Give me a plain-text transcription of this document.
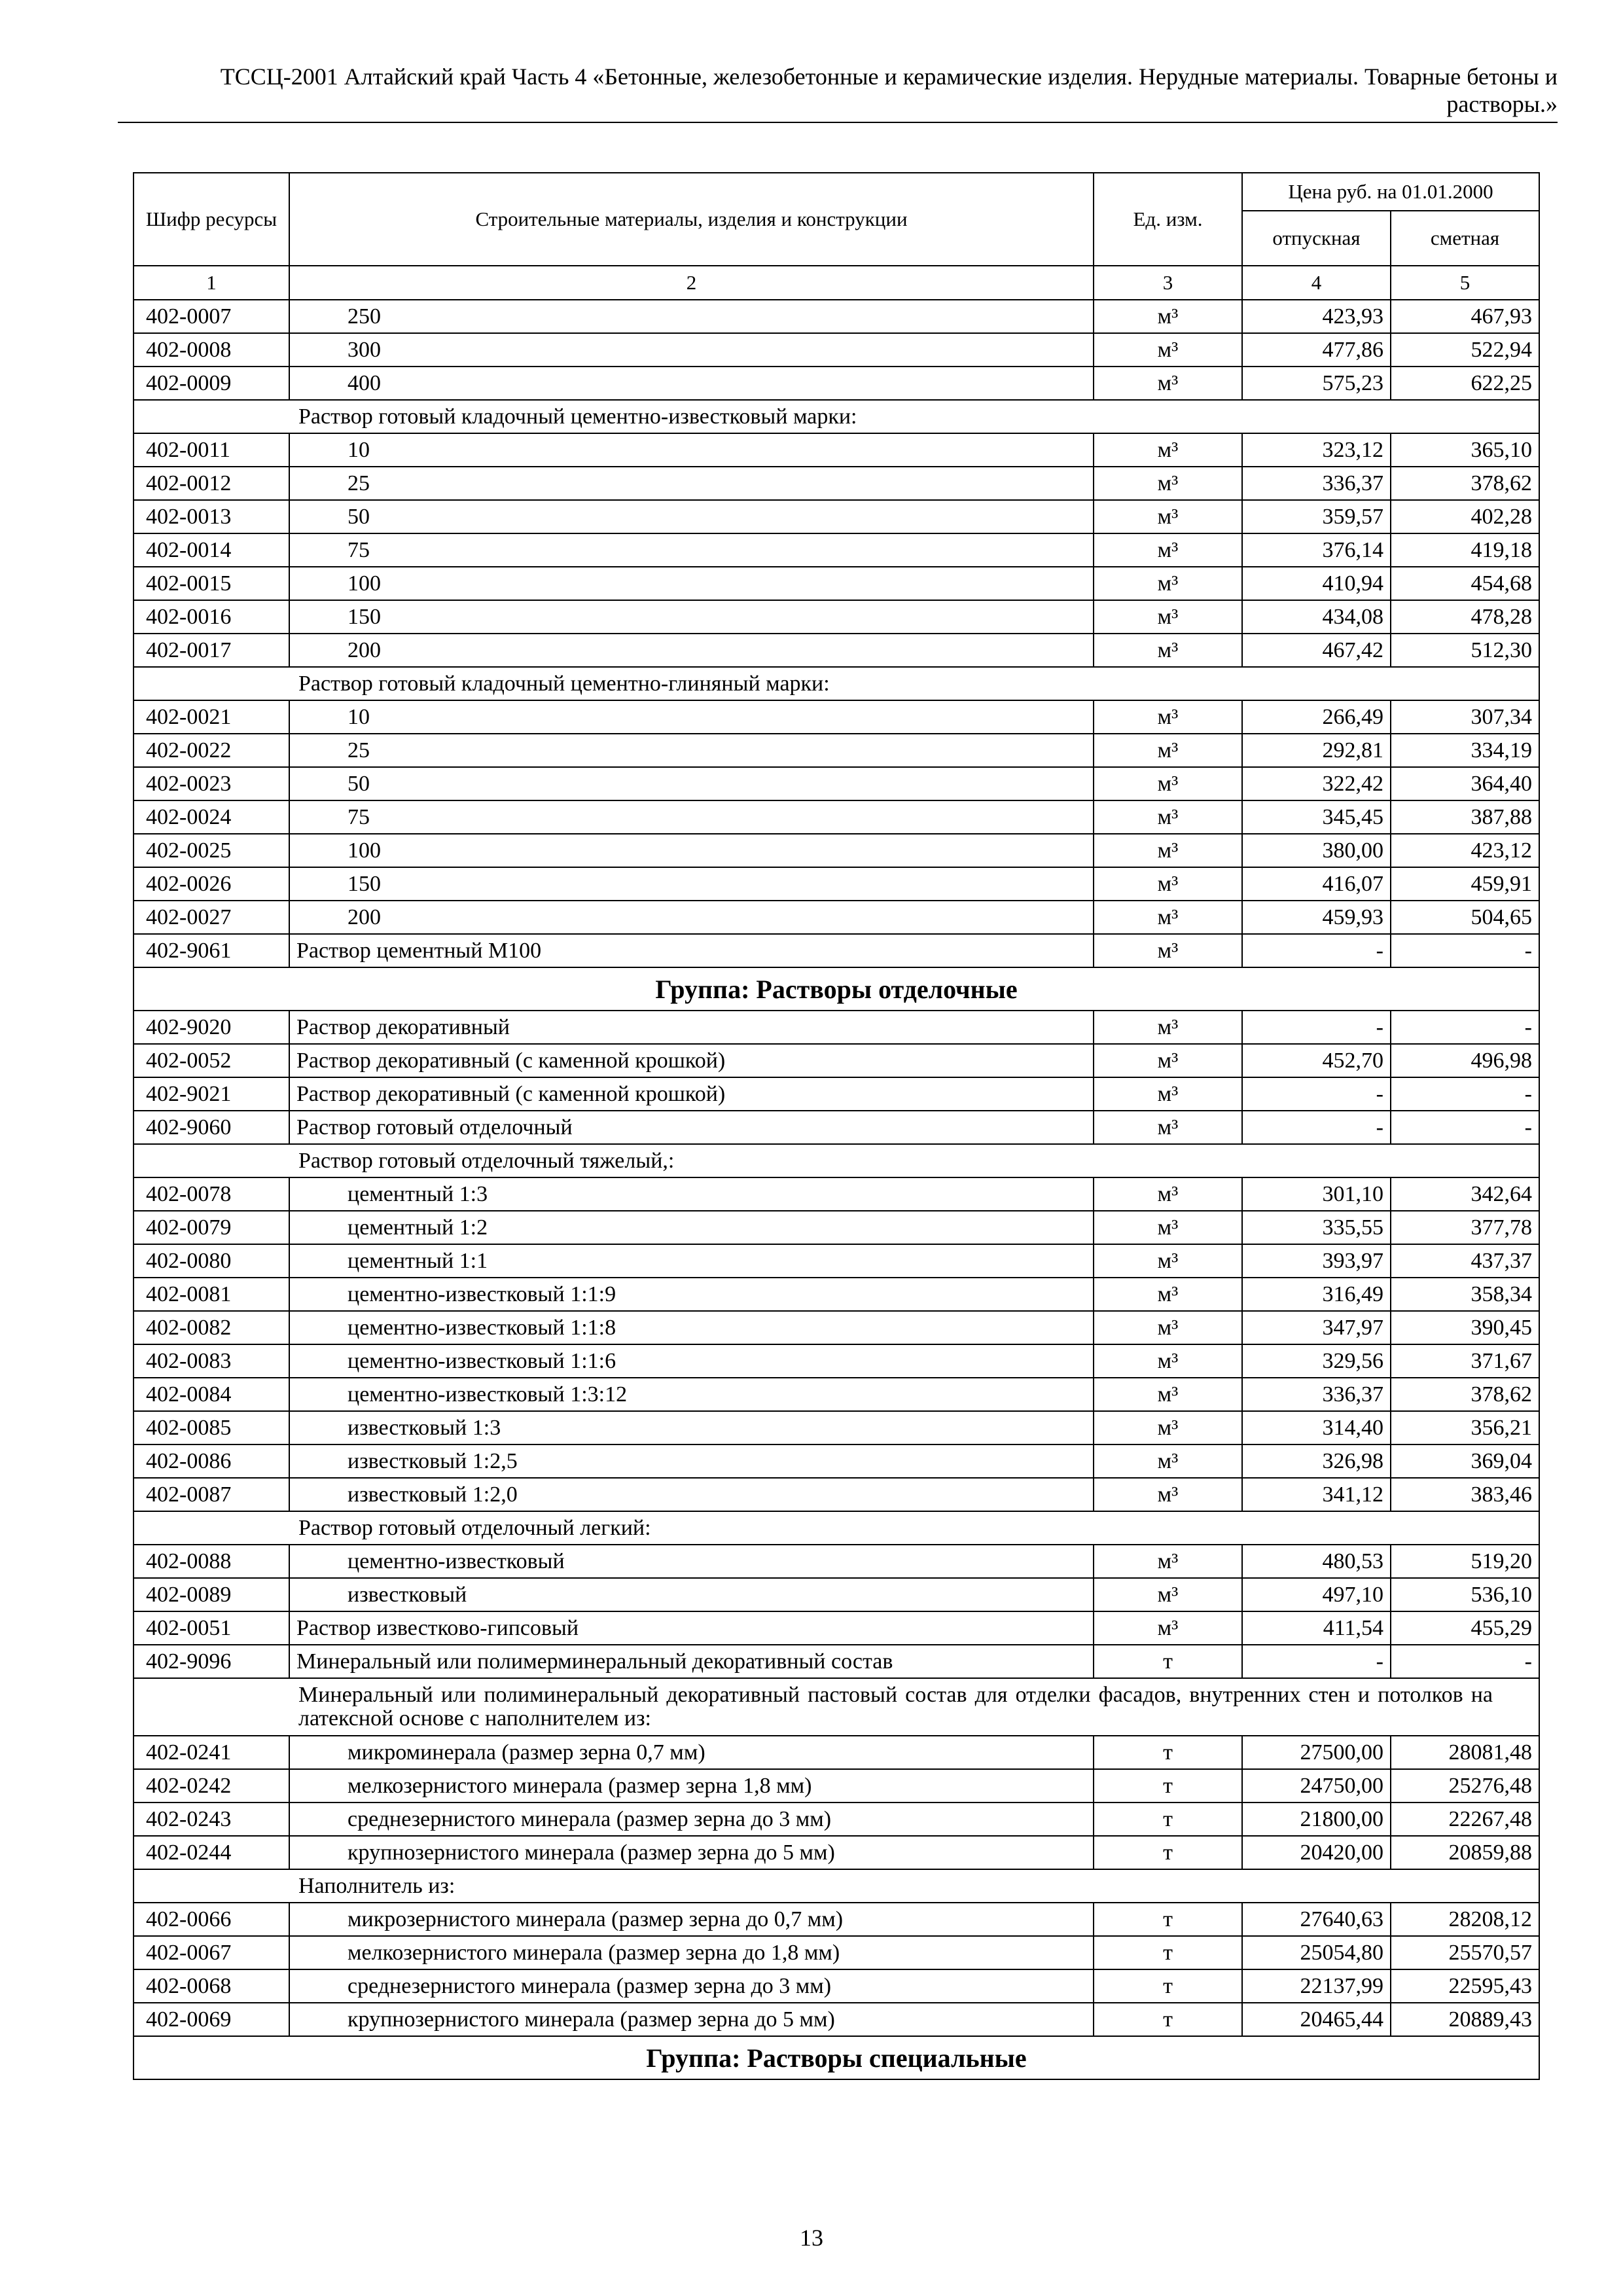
ТССЦ-2001 Алтайский край Часть 4 «Бетонные, железобетонные и керамические изделия. Нерудные материалы. Товарные бетоны и растворы.»
Шифр ресурсы	Строительные материалы, изделия и конструкции	Ед. изм.	Цена руб. на 01.01.2000	
			отпускная	сметная
1	2	3	4	5
402-0007	250	м³	423,93	467,93
402-0008	300	м³	477,86	522,94
402-0009	400	м³	575,23	622,25
Раствор готовый кладочный цементно-известковый марки:				
402-0011	10	м³	323,12	365,10
402-0012	25	м³	336,37	378,62
402-0013	50	м³	359,57	402,28
402-0014	75	м³	376,14	419,18
402-0015	100	м³	410,94	454,68
402-0016	150	м³	434,08	478,28
402-0017	200	м³	467,42	512,30
Раствор готовый кладочный цементно-глиняный марки:				
402-0021	10	м³	266,49	307,34
402-0022	25	м³	292,81	334,19
402-0023	50	м³	322,42	364,40
402-0024	75	м³	345,45	387,88
402-0025	100	м³	380,00	423,12
402-0026	150	м³	416,07	459,91
402-0027	200	м³	459,93	504,65
402-9061	Раствор цементный М100	м³	-	-
Группа: Растворы отделочные				
402-9020	Раствор декоративный	м³	-	-
402-0052	Раствор декоративный (с каменной крошкой)	м³	452,70	496,98
402-9021	Раствор декоративный (с каменной крошкой)	м³	-	-
402-9060	Раствор готовый отделочный	м³	-	-
Раствор готовый отделочный тяжелый,:				
402-0078	цементный 1:3	м³	301,10	342,64
402-0079	цементный 1:2	м³	335,55	377,78
402-0080	цементный 1:1	м³	393,97	437,37
402-0081	цементно-известковый 1:1:9	м³	316,49	358,34
402-0082	цементно-известковый 1:1:8	м³	347,97	390,45
402-0083	цементно-известковый 1:1:6	м³	329,56	371,67
402-0084	цементно-известковый 1:3:12	м³	336,37	378,62
402-0085	известковый 1:3	м³	314,40	356,21
402-0086	известковый 1:2,5	м³	326,98	369,04
402-0087	известковый 1:2,0	м³	341,12	383,46
Раствор готовый отделочный легкий:				
402-0088	цементно-известковый	м³	480,53	519,20
402-0089	известковый	м³	497,10	536,10
402-0051	Раствор известково-гипсовый	м³	411,54	455,29
402-9096	Минеральный или полимерминеральный декоративный состав	т	-	-
Минеральный или полиминеральный декоративный пастовый состав для отделки фасадов, внутренних стен и потолков на латексной основе с наполнителем из:				
402-0241	микроминерала (размер зерна 0,7 мм)	т	27500,00	28081,48
402-0242	мелкозернистого минерала (размер зерна 1,8 мм)	т	24750,00	25276,48
402-0243	среднезернистого минерала (размер зерна до 3 мм)	т	21800,00	22267,48
402-0244	крупнозернистого минерала (размер зерна до 5 мм)	т	20420,00	20859,88
Наполнитель из:				
402-0066	микрозернистого минерала (размер зерна до 0,7 мм)	т	27640,63	28208,12
402-0067	мелкозернистого минерала (размер зерна до 1,8 мм)	т	25054,80	25570,57
402-0068	среднезернистого минерала (размер зерна до 3 мм)	т	22137,99	22595,43
402-0069	крупнозернистого минерала (размер зерна до 5 мм)	т	20465,44	20889,43
Группа: Растворы специальные				
13
